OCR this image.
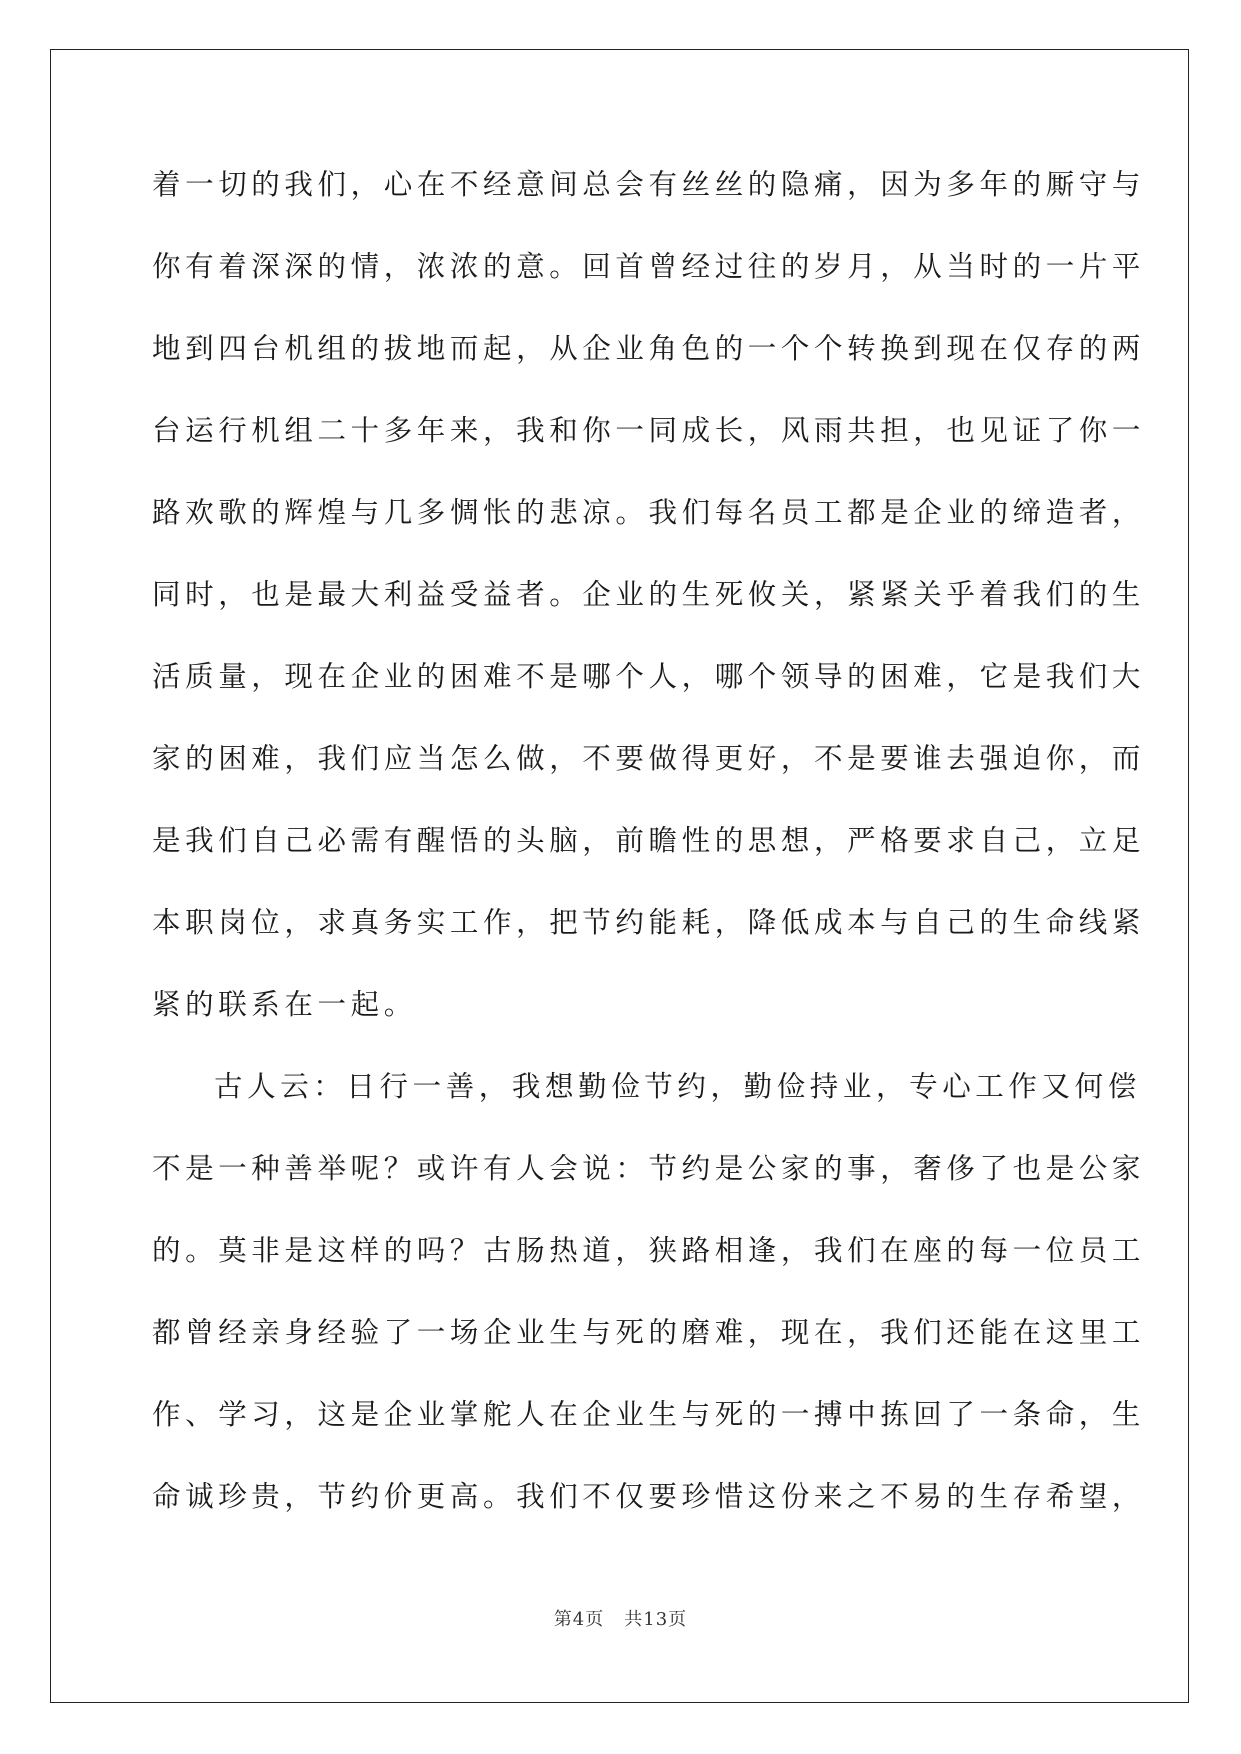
着一切的我们，心在不经意间总会有丝丝的隐痛，因为多年的厮守与
你有着深深的情，浓浓的意。回首曾经过往的岁月，从当时的一片平
地到四台机组的拔地而起，从企业角色的一个个转换到现在仅存的两
台运行机组二十多年来，我和你一同成长，风雨共担，也见证了你一
路欢歌的辉煌与几多惆怅的悲凉。我们每名员工都是企业的缔造者，
同时，也是最大利益受益者。企业的生死攸关，紧紧关乎着我们的生
活质量，现在企业的困难不是哪个人，哪个领导的困难，它是我们大
家的困难，我们应当怎么做，不要做得更好，不是要谁去强迫你，而
是我们自己必需有醒悟的头脑，前瞻性的思想，严格要求自己，立足
本职岗位，求真务实工作，把节约能耗，降低成本与自己的生命线紧
紧的联系在一起。
古人云：日行一善，我想勤俭节约，勤俭持业，专心工作又何偿
不是一种善举呢？或许有人会说：节约是公家的事，奢侈了也是公家
的。莫非是这样的吗？古肠热道，狭路相逢，我们在座的每一位员工
都曾经亲身经验了一场企业生与死的磨难，现在，我们还能在这里工
作、学习，这是企业掌舵人在企业生与死的一搏中拣回了一条命，生
命诚珍贵，节约价更高。我们不仅要珍惜这份来之不易的生存希望，
第4页 共13页
